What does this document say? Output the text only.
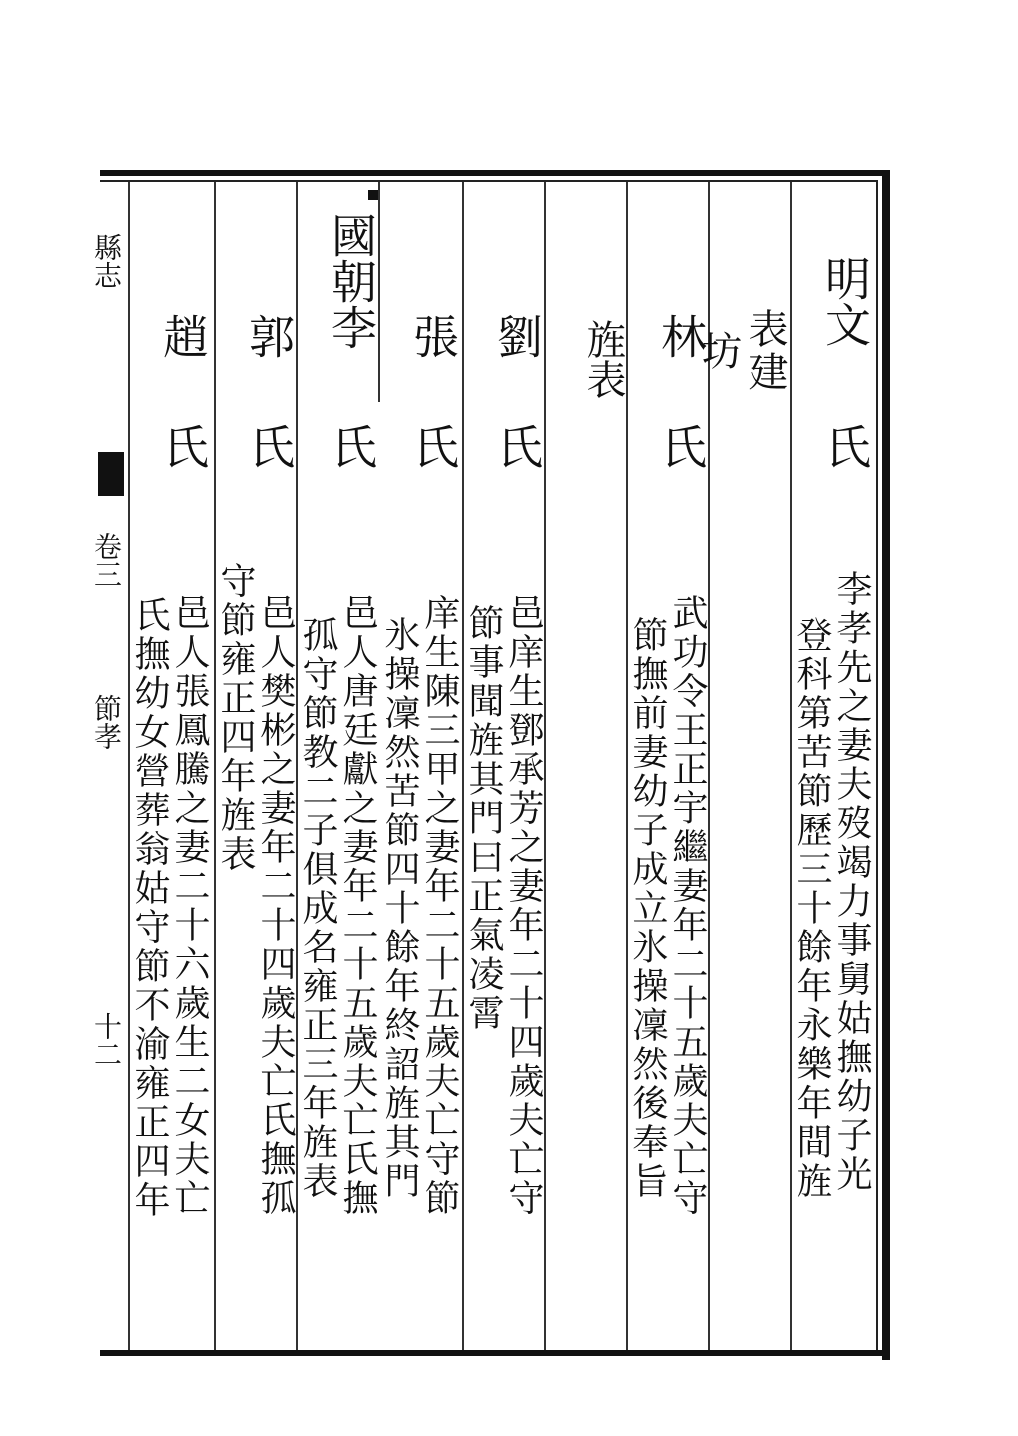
縣志
卷三
節孝
十二
明文
氏
李孝先之妻夫歿竭力事舅姑撫幼子光
登科第苦節歷三十餘年永樂年間旌
表建坊
林
氏
武功令王正宇繼妻年二十五歲夫亡守
節撫前妻幼子成立氷操凜然後奉旨
旌表
劉
氏
邑庠生鄧承芳之妻年二十四歲夫亡守
節事聞旌其門曰正氣凌霄
張
氏
庠生陳三甲之妻年二十五歲夫亡守節
氷操凜然苦節四十餘年終詔旌其門
國朝李
氏
邑人唐廷獻之妻年二十五歲夫亡氏撫
孤守節教二子俱成名雍正三年旌表
郭
氏
邑人樊彬之妻年二十四歲夫亡氏撫孤
守節雍正四年旌表
趙
氏
邑人張鳳騰之妻二十六歲生二女夫亡
氏撫幼女營葬翁姑守節不渝雍正四年
